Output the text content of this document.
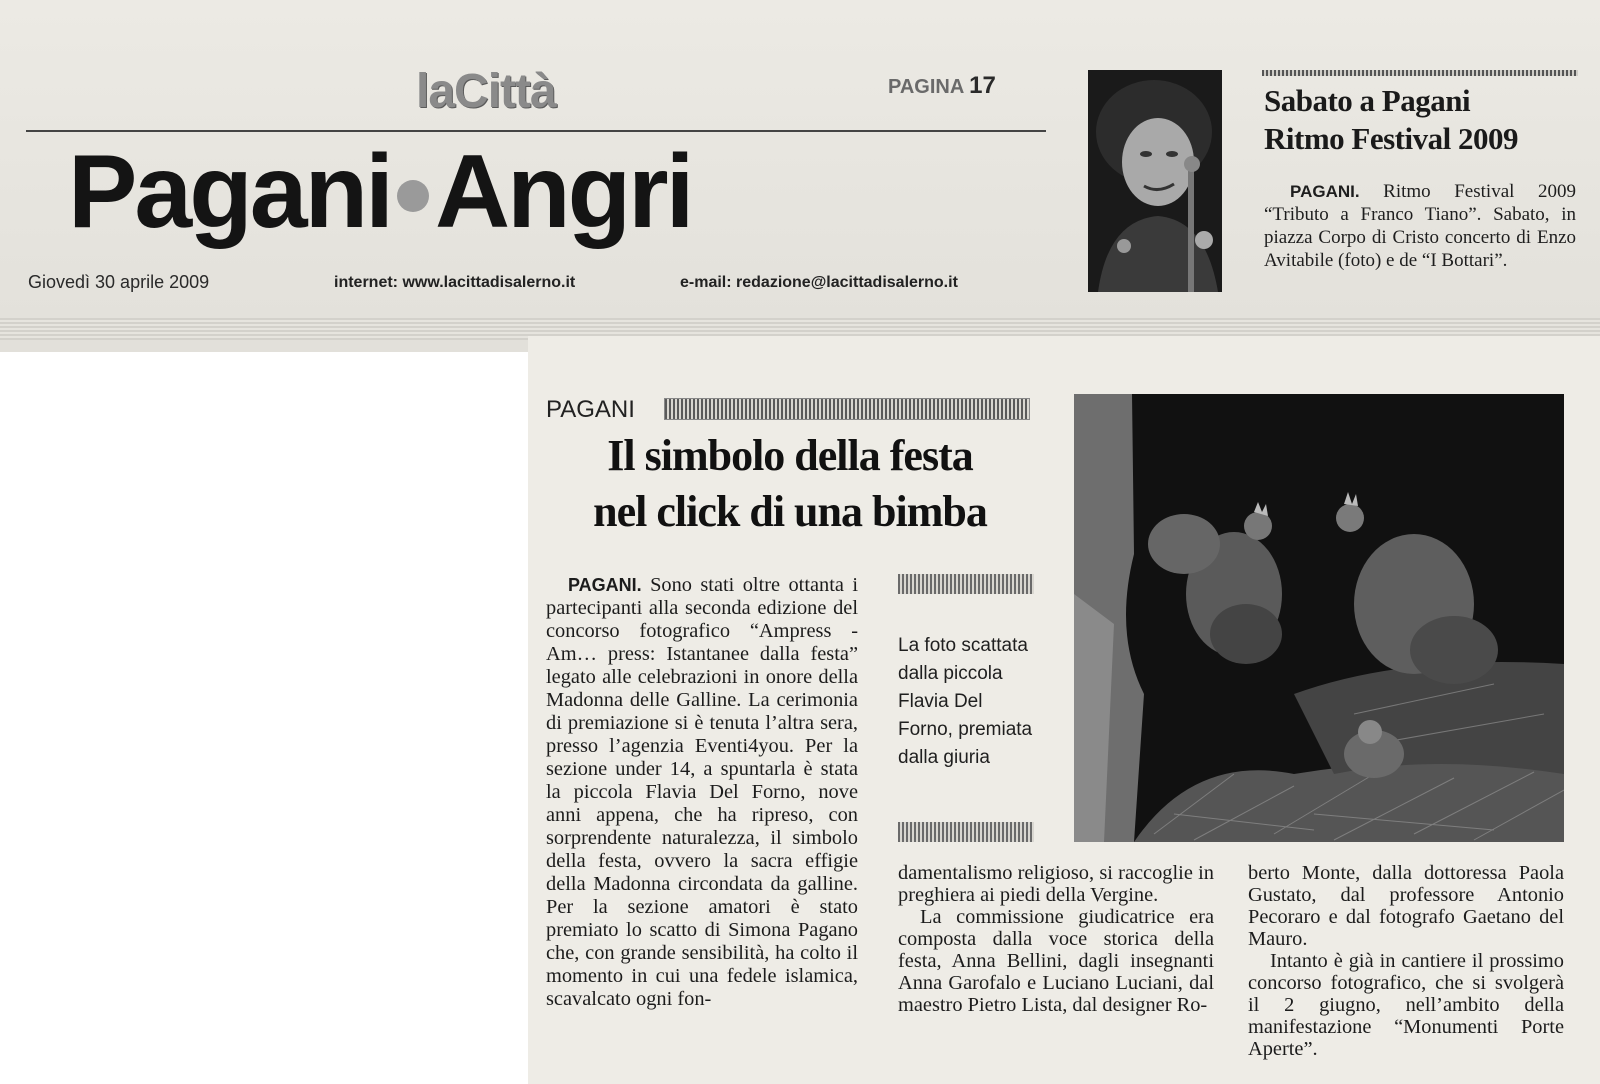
laCittà	PAGINA 17
Pagani Angri
Giovedì 30 aprile 2009	internet: www.lacittadisalerno.it	e-mail: redazione@lacittadisalerno.it
Sabato a Pagani
Ritmo Festival 2009

PAGANI. Ritmo Festival 2009 “Tributo a Franco Tiano”. Sabato, in piazza Corpo di Cristo concerto di Enzo Avitabile (foto) e de “I Bottari”.

PAGANI
Il simbolo della festa
nel click di una bimba

PAGANI. Sono stati oltre ottanta i partecipanti alla seconda edizione del concorso fotografico “Ampress - Am… press: Istantanee dalla festa” legato alle celebrazioni in onore della Madonna delle Galline. La cerimonia di premiazione si è tenuta l’altra sera, presso l’agenzia Eventi4you. Per la sezione under 14, a spuntarla è stata la piccola Flavia Del Forno, nove anni appena, che ha ripreso, con sorprendente naturalezza, il simbolo della festa, ovvero la sacra effigie della Madonna circondata da galline. Per la sezione amatori è stato premiato lo scatto di Simona Pagano che, con grande sensibilità, ha colto il momento in cui una fedele islamica, scavalcato ogni fon-

La foto scattata dalla piccola Flavia Del Forno, premiata dalla giuria

damentalismo religioso, si raccoglie in preghiera ai piedi della Vergine.

La commissione giudicatrice era composta dalla voce storica della festa, Anna Bellini, dagli insegnanti Anna Garofalo e Luciano Luciani, dal maestro Pietro Lista, dal designer Ro-

berto Monte, dalla dottoressa Paola Gustato, dal professore Antonio Pecoraro e dal fotografo Gaetano del Mauro.

Intanto è già in cantiere il prossimo concorso fotografico, che si svolgerà il 2 giugno, nell’ambito della manifestazione “Monumenti Porte Aperte”.
